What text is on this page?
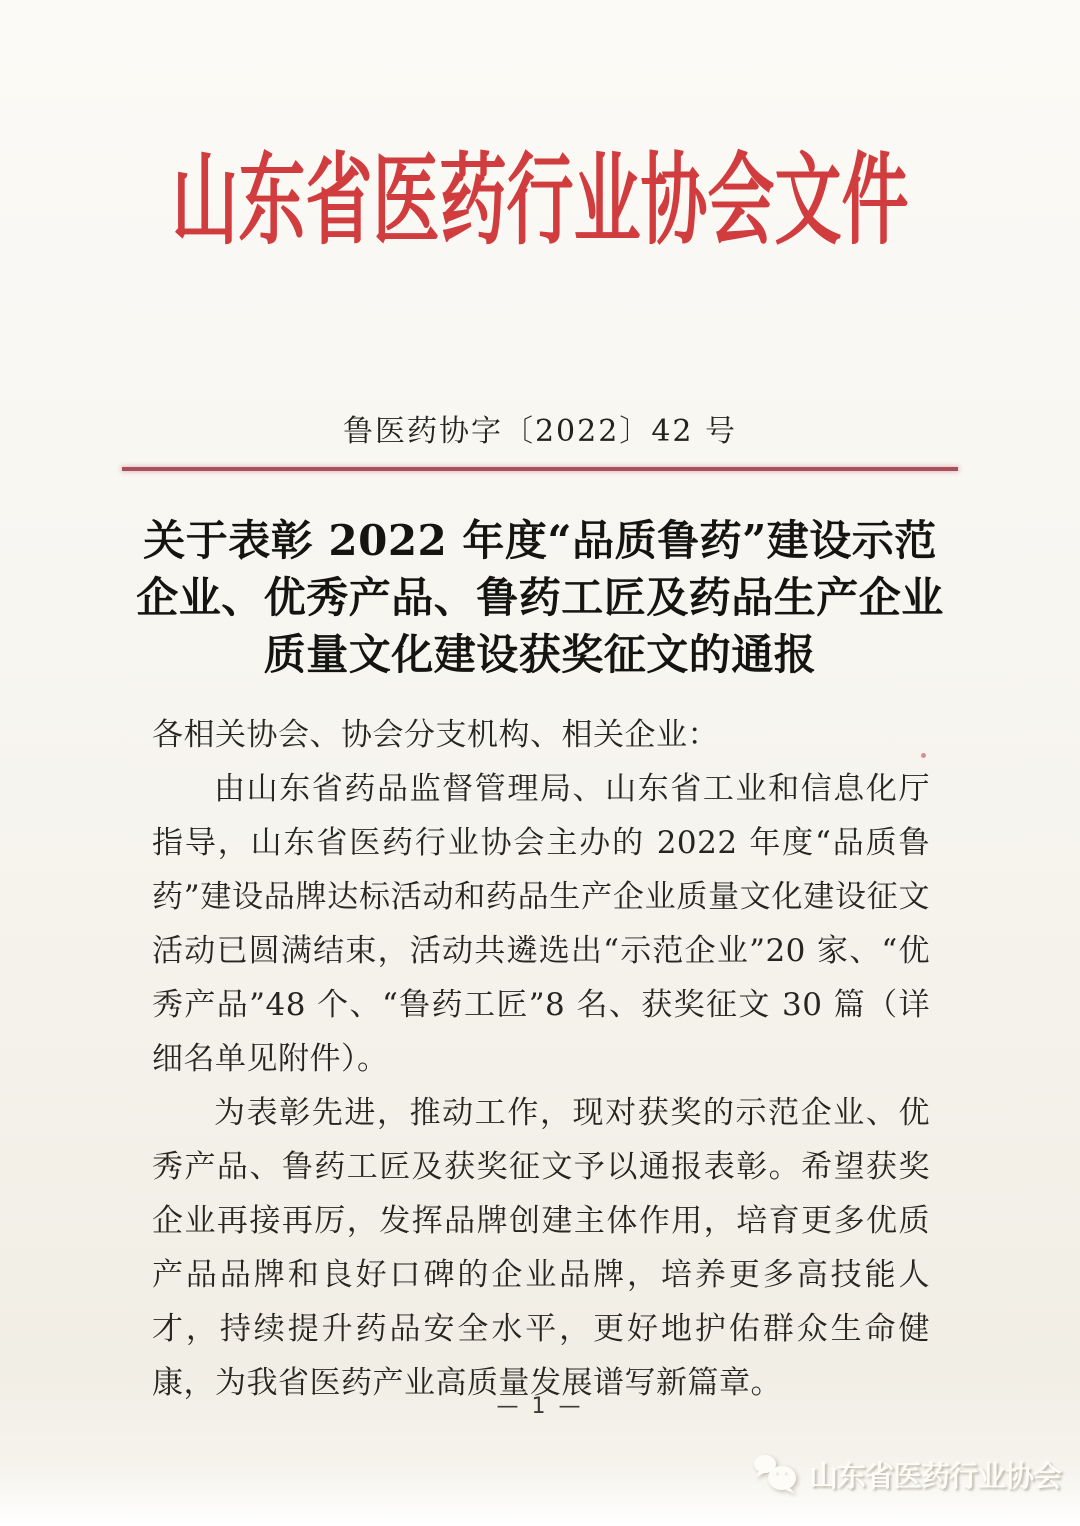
山东省医药行业协会文件
鲁医药协字〔2022〕42 号
关于表彰 2022 年度“品质鲁药”建设示范
企业、优秀产品、鲁药工匠及药品生产企业
质量文化建设获奖征文的通报
各相关协会、协会分支机构、相关企业：

由山东省药品监督管理局、山东省工业和信息化厅指导，山东省医药行业协会主办的 2022 年度“品质鲁药”建设品牌达标活动和药品生产企业质量文化建设征文活动已圆满结束，活动共遴选出“示范企业”20 家、“优秀产品”48 个、“鲁药工匠”8 名、获奖征文 30 篇（详细名单见附件）。

为表彰先进，推动工作，现对获奖的示范企业、优秀产品、鲁药工匠及获奖征文予以通报表彰。希望获奖企业再接再厉，发挥品牌创建主体作用，培育更多优质产品品牌和良好口碑的企业品牌，培养更多高技能人才，持续提升药品安全水平，更好地护佑群众生命健康，为我省医药产业高质量发展谱写新篇章。

— 1 —
山东省医药行业协会
